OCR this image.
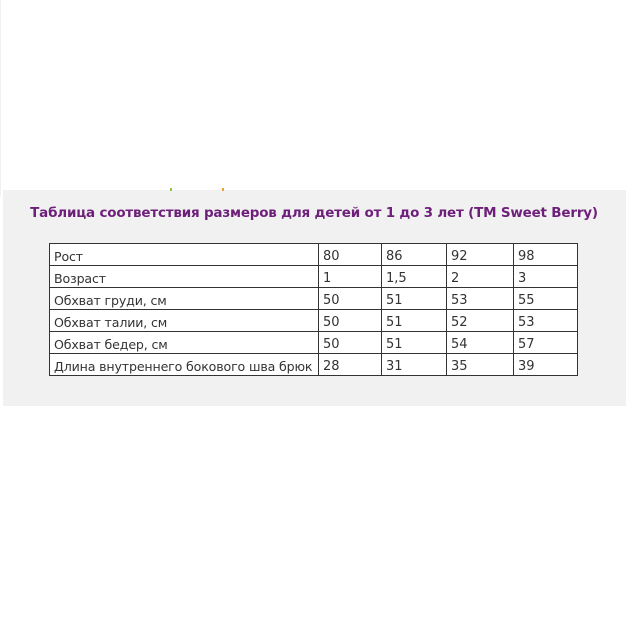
Таблица соответствия размеров для детей от 1 до 3 лет (ТМ Sweet Berry)
Рост	80	86	92	98
Возраст	1	1,5	2	3
Обхват груди, см	50	51	53	55
Обхват талии, см	50	51	52	53
Обхват бедер, см	50	51	54	57
Длина внутреннего бокового шва брюк	28	31	35	39
